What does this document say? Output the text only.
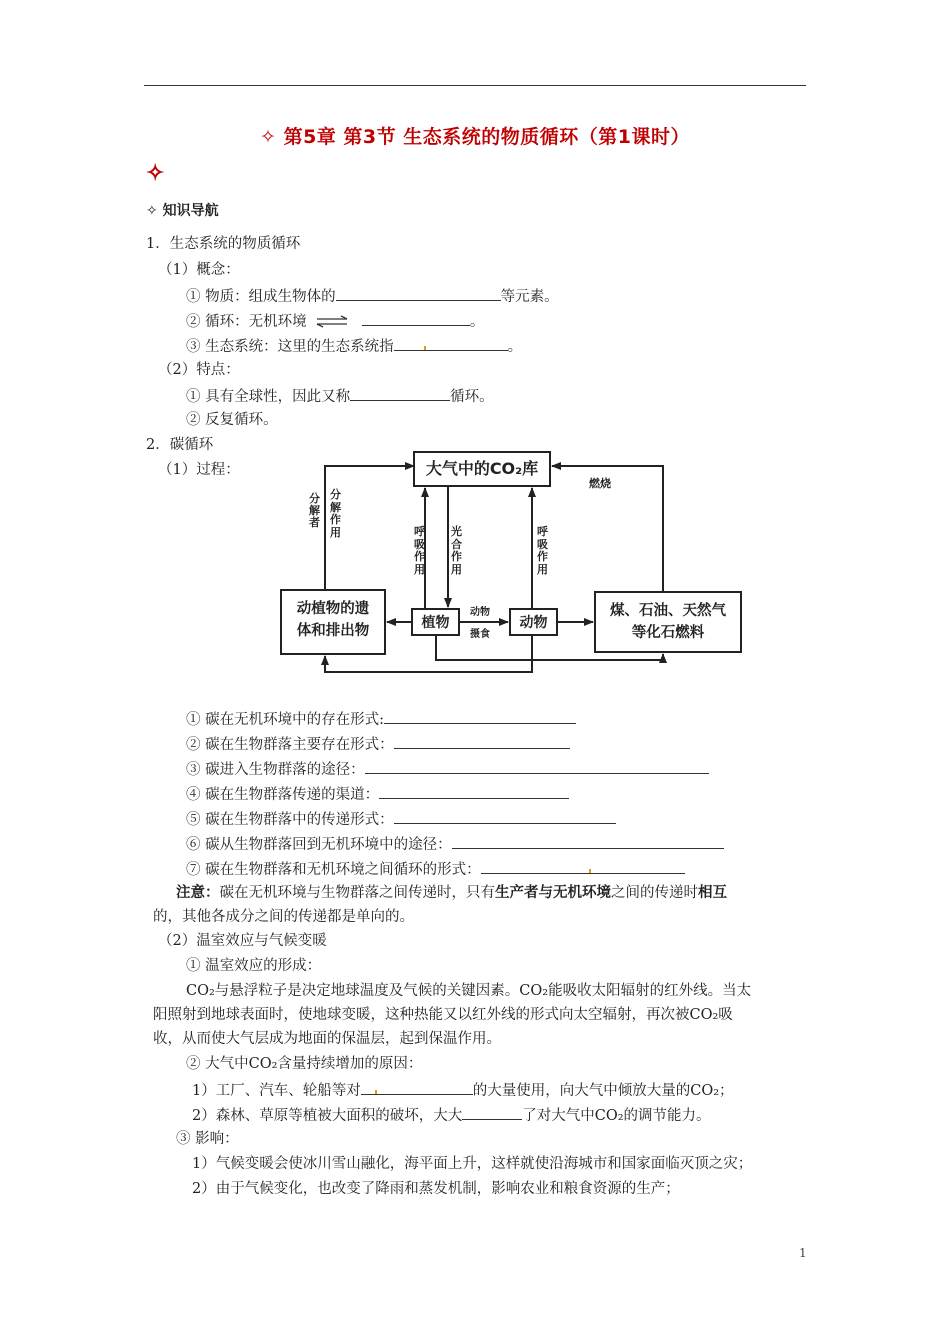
✧ 第5章 第3节 生态系统的物质循环（第1课时）
✧
✧ 知识导航
1．生态系统的物质循环
（1）概念：
① 物质：组成生物体的	等元素。
② 循环：无机环境 ⇌	。
③ 生态系统：这里的生态系统指	。
（2）特点：
① 具有全球性，因此又称	循环。
② 反复循环。
2．碳循环
（1）过程：	大气中的CO₂库
动植物的遗
体和排出物	植物	动物
煤、石油、天然气
等化石燃料
分解者
分解作用	呼吸作用
光合作用
呼吸作用
燃烧
动物
摄食
① 碳在无机环境中的存在形式:
② 碳在生物群落主要存在形式：
③ 碳进入生物群落的途径：
④ 碳在生物群落传递的渠道：
⑤ 碳在生物群落中的传递形式：
⑥ 碳从生物群落回到无机环境中的途径：
⑦ 碳在生物群落和无机环境之间循环的形式：
注意：碳在无机环境与生物群落之间传递时，只有生产者与无机环境之间的传递时相互
的，其他各成分之间的传递都是单向的。
（2）温室效应与气候变暖
① 温室效应的形成：
CO₂与悬浮粒子是决定地球温度及气候的关键因素。CO₂能吸收太阳辐射的红外线。当太
阳照射到地球表面时，使地球变暖，这种热能又以红外线的形式向太空辐射，再次被CO₂吸
收，从而使大气层成为地面的保温层，起到保温作用。
② 大气中CO₂含量持续增加的原因：
1）工厂、汽车、轮船等对	的大量使用，向大气中倾放大量的CO₂；
2）森林、草原等植被大面积的破坏，大大	了对大气中CO₂的调节能力。
③ 影响：
1）气候变暖会使冰川雪山融化，海平面上升，这样就使沿海城市和国家面临灭顶之灾；
2）由于气候变化，也改变了降雨和蒸发机制，影响农业和粮食资源的生产；
1
